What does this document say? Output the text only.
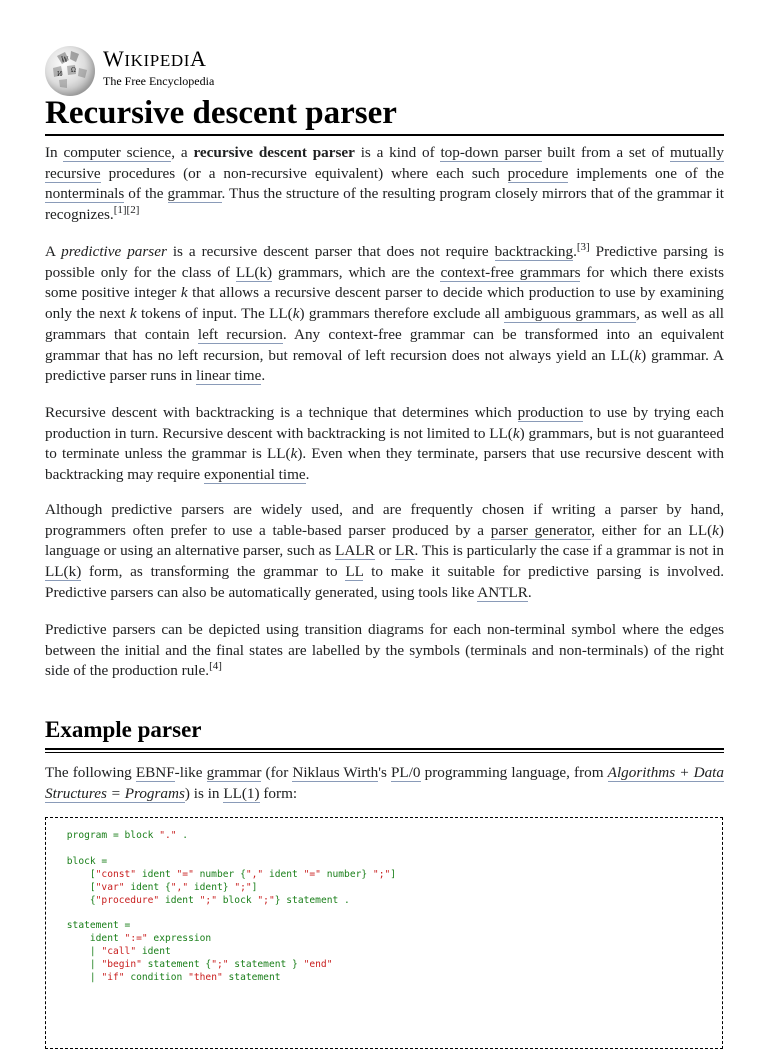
W
Ω
И
WIKIPEDIA
The Free Encyclopedia
Recursive descent parser

In computer science, a recursive descent parser is a kind of top-down parser built from a set of mutually recursive procedures (or a non-recursive equivalent) where each such procedure implements one of the nonterminals of the grammar. Thus the structure of the resulting program closely mirrors that of the grammar it recognizes.[1][2]

A predictive parser is a recursive descent parser that does not require backtracking.[3] Predictive parsing is possible only for the class of LL(k) grammars, which are the context-free grammars for which there exists some positive integer k that allows a recursive descent parser to decide which production to use by examining only the next k tokens of input. The LL(k) grammars therefore exclude all ambiguous grammars, as well as all grammars that contain left recursion. Any context-free grammar can be transformed into an equivalent grammar that has no left recursion, but removal of left recursion does not always yield an LL(k) grammar. A predictive parser runs in linear time.

Recursive descent with backtracking is a technique that determines which production to use by trying each production in turn. Recursive descent with backtracking is not limited to LL(k) grammars, but is not guaranteed to terminate unless the grammar is LL(k). Even when they terminate, parsers that use recursive descent with backtracking may require exponential time.

Although predictive parsers are widely used, and are frequently chosen if writing a parser by hand, programmers often prefer to use a table-based parser produced by a parser generator, either for an LL(k) language or using an alternative parser, such as LALR or LR. This is particularly the case if a grammar is not in LL(k) form, as transforming the grammar to LL to make it suitable for predictive parsing is involved. Predictive parsers can also be automatically generated, using tools like ANTLR.

Predictive parsers can be depicted using transition diagrams for each non-terminal symbol where the edges between the initial and the final states are labelled by the symbols (terminals and non-terminals) of the right side of the production rule.[4]

Example parser

The following EBNF-like grammar (for Niklaus Wirth's PL/0 programming language, from Algorithms + Data Structures = Programs) is in LL(1) form:

program = block "." .
block =
["const" ident "=" number {"," ident "=" number} ";"]
["var" ident {"," ident} ";"]
{"procedure" ident ";" block ";"} statement .
statement =
ident ":=" expression
| "call" ident
| "begin" statement {";" statement } "end"
| "if" condition "then" statement
